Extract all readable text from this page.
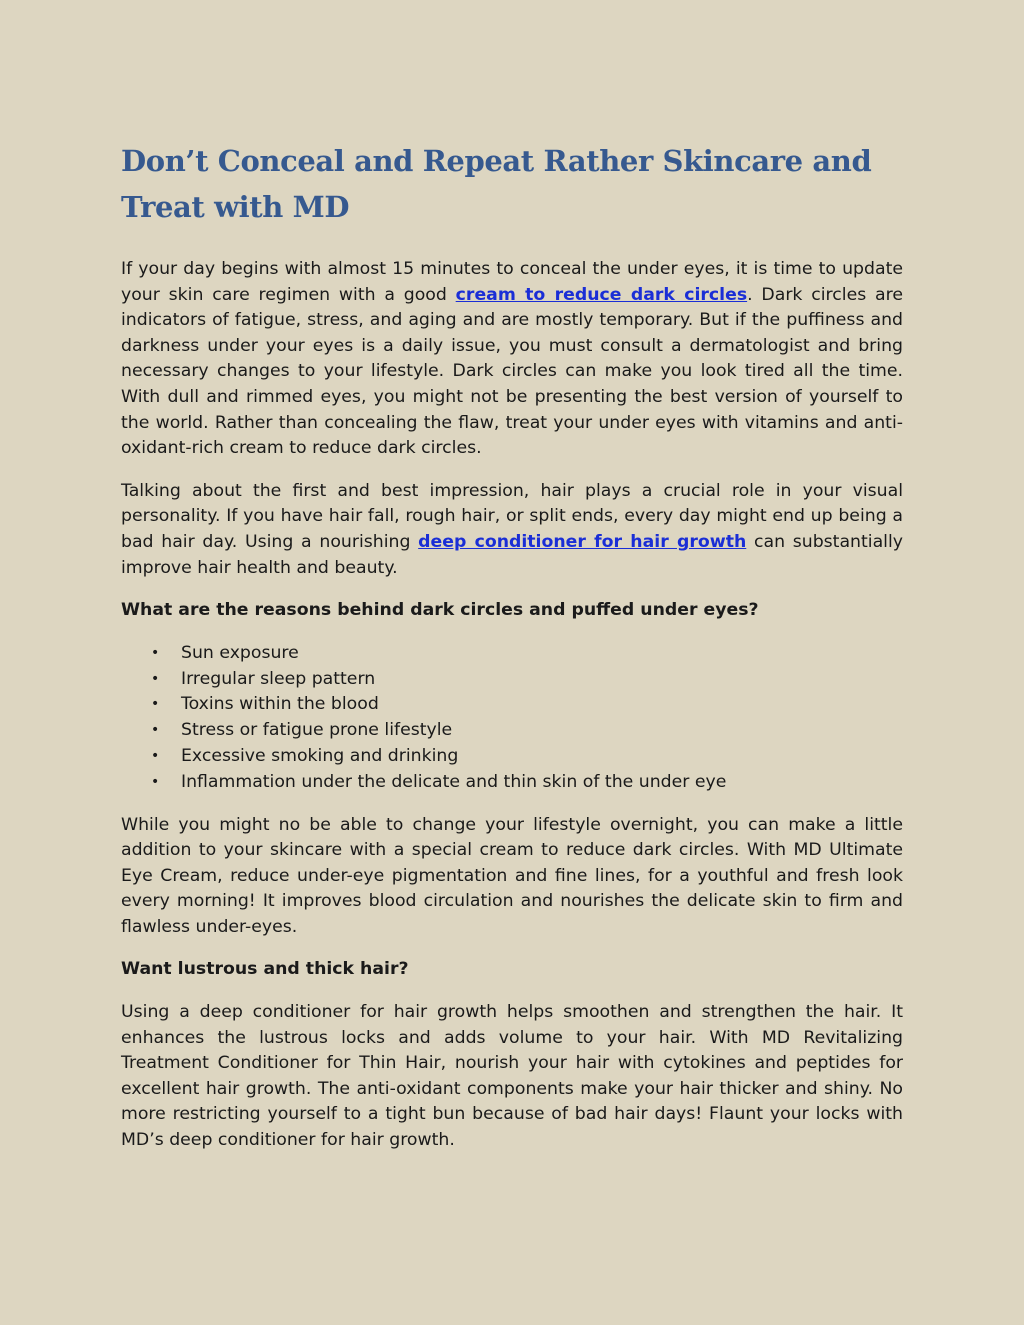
Don’t Conceal and Repeat Rather Skincare and Treat with MD

If your day begins with almost 15 minutes to conceal the under eyes, it is time to update your skin care regimen with a good cream to reduce dark circles. Dark circles are indicators of fatigue, stress, and aging and are mostly temporary. But if the puffiness and darkness under your eyes is a daily issue, you must consult a dermatologist and bring necessary changes to your lifestyle. Dark circles can make you look tired all the time. With dull and rimmed eyes, you might not be presenting the best version of yourself to the world. Rather than concealing the flaw, treat your under eyes with vitamins and anti-oxidant-rich cream to reduce dark circles.

Talking about the first and best impression, hair plays a crucial role in your visual personality. If you have hair fall, rough hair, or split ends, every day might end up being a bad hair day. Using a nourishing deep conditioner for hair growth can substantially improve hair health and beauty.

What are the reasons behind dark circles and puffed under eyes?
• Sun exposure
• Irregular sleep pattern
• Toxins within the blood
• Stress or fatigue prone lifestyle
• Excessive smoking and drinking
• Inflammation under the delicate and thin skin of the under eye

While you might no be able to change your lifestyle overnight, you can make a little addition to your skincare with a special cream to reduce dark circles. With MD Ultimate Eye Cream, reduce under-eye pigmentation and fine lines, for a youthful and fresh look every morning! It improves blood circulation and nourishes the delicate skin to firm and flawless under-eyes.

Want lustrous and thick hair?

Using a deep conditioner for hair growth helps smoothen and strengthen the hair. It enhances the lustrous locks and adds volume to your hair. With MD Revitalizing Treatment Conditioner for Thin Hair, nourish your hair with cytokines and peptides for excellent hair growth. The anti-oxidant components make your hair thicker and shiny. No more restricting yourself to a tight bun because of bad hair days! Flaunt your locks with MD’s deep conditioner for hair growth.
